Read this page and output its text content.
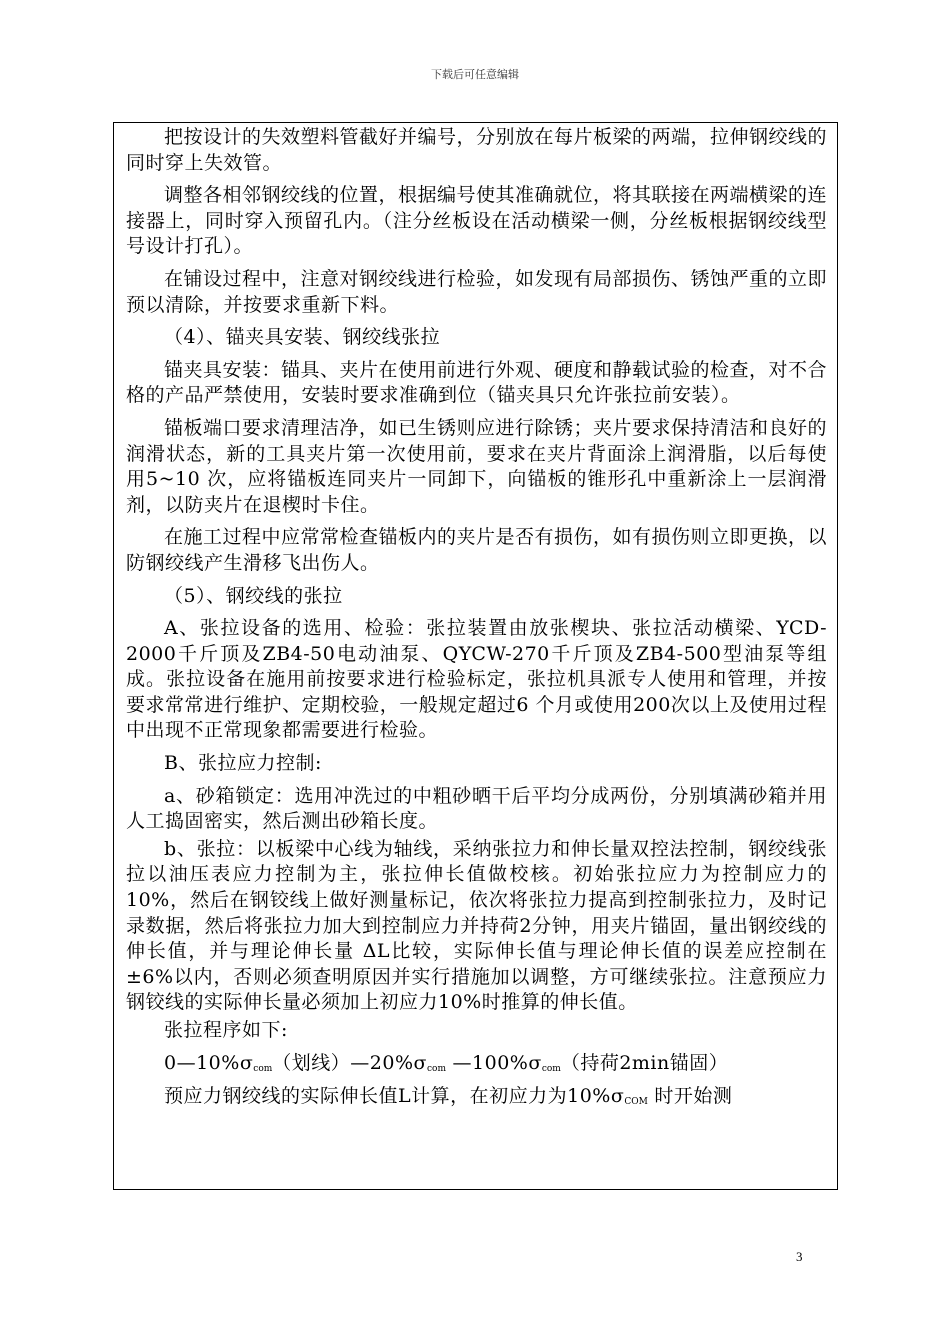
下载后可任意编辑

把按设计的失效塑料管截好并编号，分别放在每片板梁的两端，拉伸钢绞线的同时穿上失效管。

调整各相邻钢绞线的位置，根据编号使其准确就位，将其联接在两端横梁的连接器上，同时穿入预留孔内。（注分丝板设在活动横梁一侧，分丝板根据钢绞线型号设计打孔）。

在铺设过程中，注意对钢绞线进行检验，如发现有局部损伤、锈蚀严重的立即预以清除，并按要求重新下料。

（4）、锚夹具安装、钢绞线张拉

锚夹具安装：锚具、夹片在使用前进行外观、硬度和静载试验的检查，对不合格的产品严禁使用，安装时要求准确到位（锚夹具只允许张拉前安装）。

锚板端口要求清理洁净，如已生锈则应进行除锈；夹片要求保持清洁和良好的润滑状态，新的工具夹片第一次使用前，要求在夹片背面涂上润滑脂，以后每使用5~10 次，应将锚板连同夹片一同卸下，向锚板的锥形孔中重新涂上一层润滑剂，以防夹片在退楔时卡住。

在施工过程中应常常检查锚板内的夹片是否有损伤，如有损伤则立即更换，以防钢绞线产生滑移飞出伤人。

（5）、钢绞线的张拉

A、张拉设备的选用、检验：张拉装置由放张楔块、张拉活动横梁、YCD-2000千斤顶及ZB4-50电动油泵、QYCW-270千斤顶及ZB4-500型油泵等组成。张拉设备在施用前按要求进行检验标定，张拉机具派专人使用和管理，并按要求常常进行维护、定期校验，一般规定超过6 个月或使用200次以上及使用过程中出现不正常现象都需要进行检验。

B、张拉应力控制:

a、砂箱锁定：选用冲洗过的中粗砂晒干后平均分成两份，分别填满砂箱并用人工捣固密实，然后测出砂箱长度。

b、张拉：以板梁中心线为轴线，采纳张拉力和伸长量双控法控制，钢绞线张拉以油压表应力控制为主，张拉伸长值做校核。初始张拉应力为控制应力的10%，然后在钢铰线上做好测量标记，依次将张拉力提高到控制张拉力，及时记录数据，然后将张拉力加大到控制应力并持荷2分钟，用夹片锚固，量出钢绞线的伸长值，并与理论伸长量 ΔL比较，实际伸长值与理论伸长值的误差应控制在±6%以内，否则必须查明原因并实行措施加以调整，方可继续张拉。注意预应力钢铰线的实际伸长量必须加上初应力10%时推算的伸长值。

张拉程序如下:

$0—10\%\sigma_{com}$（划线）$—20\%\sigma_{com}$ $—100\%\sigma_{com}$（持荷2min锚固）

预应力钢绞线的实际伸长值L计算，在初应力为$10\%\sigma_{COM}$ 时开始测

3
